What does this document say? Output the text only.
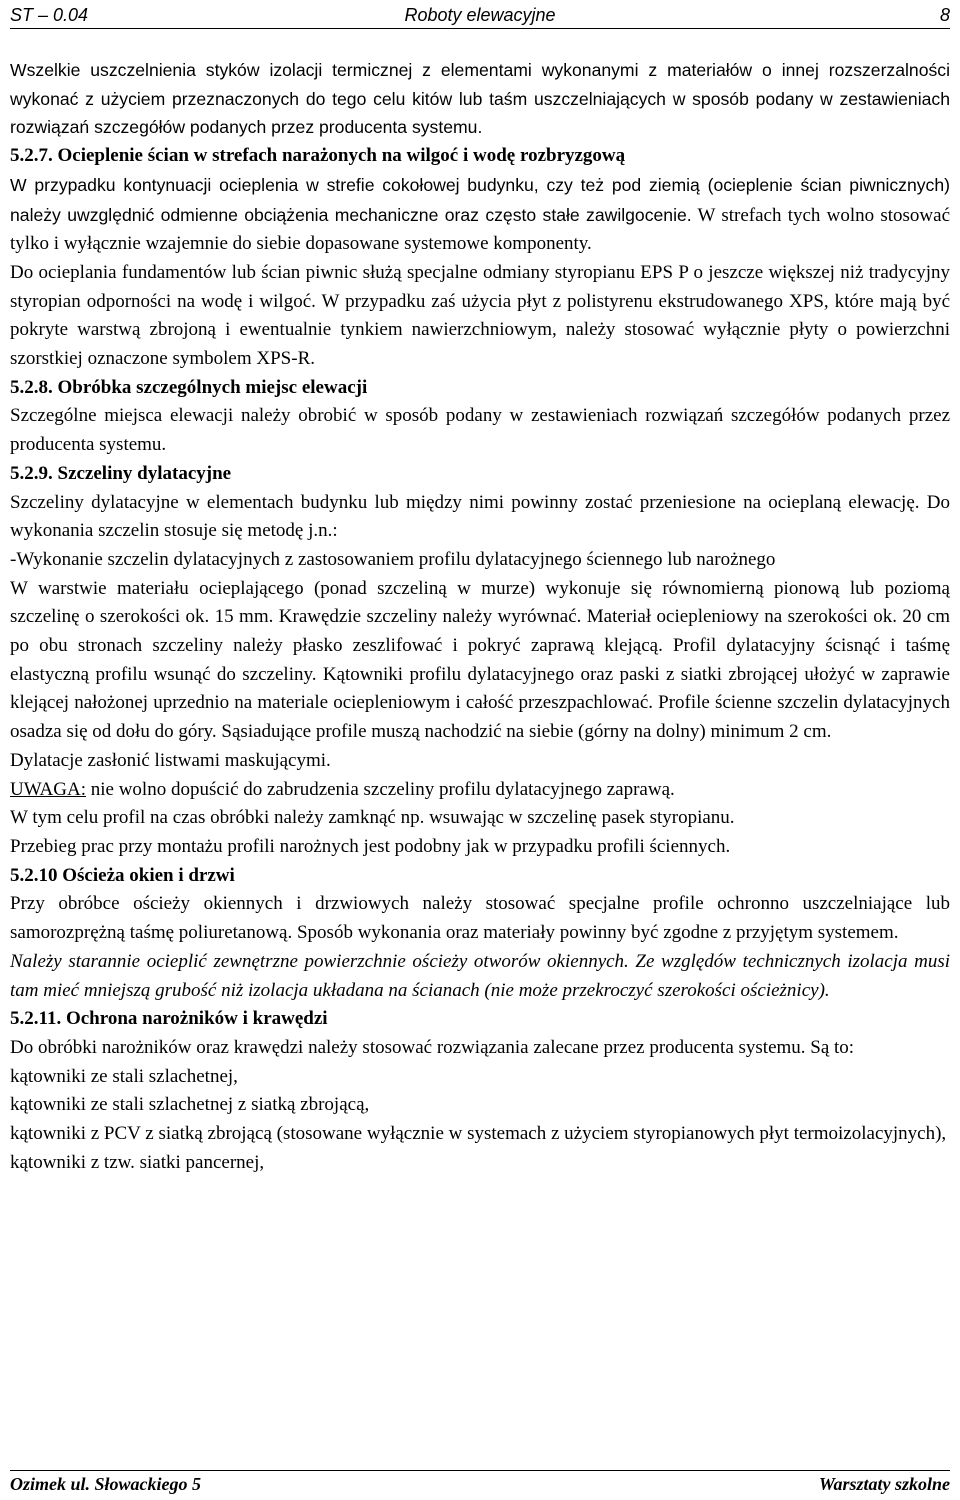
ST – 0.04	Roboty elewacyjne	8

Wszelkie uszczelnienia styków izolacji termicznej z elementami wykonanymi z materiałów o innej rozszerzalności wykonać z użyciem przeznaczonych do tego celu kitów lub taśm uszczelniających w sposób podany w zestawieniach rozwiązań szczegółów podanych przez producenta systemu.

5.2.7. Ocieplenie ścian w strefach narażonych na wilgoć i wodę rozbryzgową

W przypadku kontynuacji ocieplenia w strefie cokołowej budynku, czy też pod ziemią (ocieplenie ścian piwnicznych) należy uwzględnić odmienne obciążenia mechaniczne oraz często stałe zawilgocenie. W strefach tych wolno stosować tylko i wyłącznie wzajemnie do siebie dopasowane systemowe komponenty.

Do ocieplania fundamentów lub ścian piwnic służą specjalne odmiany styropianu EPS P o jeszcze większej niż tradycyjny styropian odporności na wodę i wilgoć. W przypadku zaś użycia płyt z polistyrenu ekstrudowanego XPS, które mają być pokryte warstwą zbrojoną i ewentualnie tynkiem nawierzchniowym, należy stosować wyłącznie płyty o powierzchni szorstkiej oznaczone symbolem XPS-R.

5.2.8. Obróbka szczególnych miejsc elewacji

Szczególne miejsca elewacji należy obrobić w sposób podany w zestawieniach rozwiązań szczegółów podanych przez producenta systemu.

5.2.9. Szczeliny dylatacyjne

Szczeliny dylatacyjne w elementach budynku lub między nimi powinny zostać przeniesione na ocieplaną elewację. Do wykonania szczelin stosuje się metodę j.n.:

-Wykonanie szczelin dylatacyjnych z zastosowaniem profilu dylatacyjnego ściennego lub narożnego

W warstwie materiału ocieplającego (ponad szczeliną w murze) wykonuje się równomierną pionową lub poziomą szczelinę o szerokości ok. 15 mm. Krawędzie szczeliny należy wyrównać. Materiał ociepleniowy na szerokości ok. 20 cm po obu stronach szczeliny należy płasko zeszlifować i pokryć zaprawą klejącą. Profil dylatacyjny ścisnąć i taśmę elastyczną profilu wsunąć do szczeliny. Kątowniki profilu dylatacyjnego oraz paski z siatki zbrojącej ułożyć w zaprawie klejącej nałożonej uprzednio na materiale ociepleniowym i całość przeszpachlować. Profile ścienne szczelin dylatacyjnych osadza się od dołu do góry. Sąsiadujące profile muszą nachodzić na siebie (górny na dolny) minimum 2 cm.

Dylatacje zasłonić listwami maskującymi.

UWAGA: nie wolno dopuścić do zabrudzenia szczeliny profilu dylatacyjnego zaprawą.

W tym celu profil na czas obróbki należy zamknąć np. wsuwając w szczelinę pasek styropianu.

Przebieg prac przy montażu profili narożnych jest podobny jak w przypadku profili ściennych.

5.2.10 Ościeża okien i drzwi

Przy obróbce ościeży okiennych i drzwiowych należy stosować specjalne profile ochronno uszczelniające lub samorozprężną taśmę poliuretanową. Sposób wykonania oraz materiały powinny być zgodne z przyjętym systemem.

Należy starannie ocieplić zewnętrzne powierzchnie ościeży otworów okiennych. Ze względów technicznych izolacja musi tam mieć mniejszą grubość niż izolacja układana na ścianach (nie może przekroczyć szerokości ościeżnicy).

5.2.11. Ochrona narożników i krawędzi

Do obróbki narożników oraz krawędzi należy stosować rozwiązania zalecane przez producenta systemu. Są to:

kątowniki ze stali szlachetnej,

kątowniki ze stali szlachetnej z siatką zbrojącą,

kątowniki z PCV z siatką zbrojącą (stosowane wyłącznie w systemach z użyciem styropianowych płyt termoizolacyjnych),

kątowniki z tzw. siatki pancernej,

Ozimek ul. Słowackiego 5	Warsztaty szkolne
